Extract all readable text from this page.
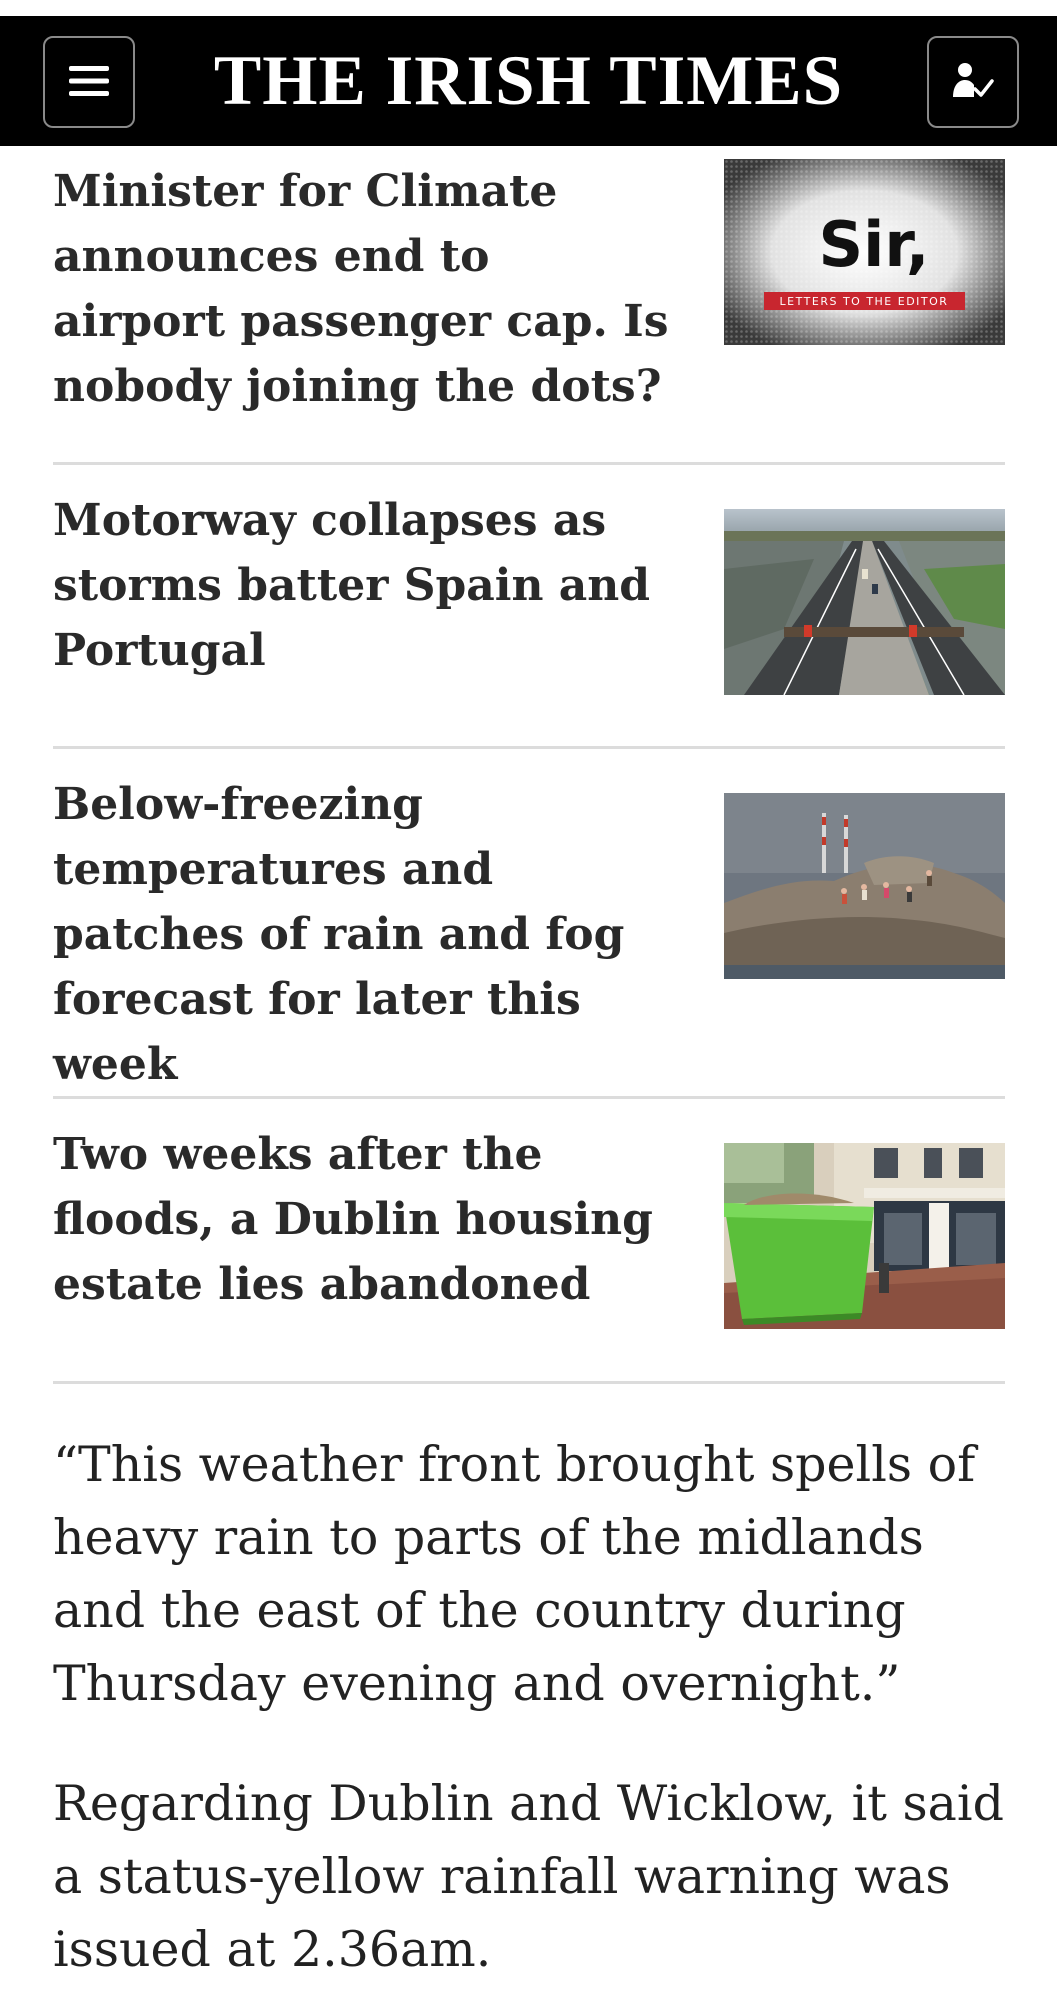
THE IRISH TIMES
Minister for Climate announces end to airport passenger cap. Is nobody joining the dots?
Sir,
LETTERS TO THE EDITOR
Motorway collapses as storms batter Spain and Portugal
Below-freezing temperatures and patches of rain and fog forecast for later this week
Two weeks after the floods, a Dublin housing estate lies abandoned

“This weather front brought spells of heavy rain to parts of the midlands and the east of the country during Thursday evening and overnight.”

Regarding Dublin and Wicklow, it said a status-yellow rainfall warning was issued at 2.36am.
